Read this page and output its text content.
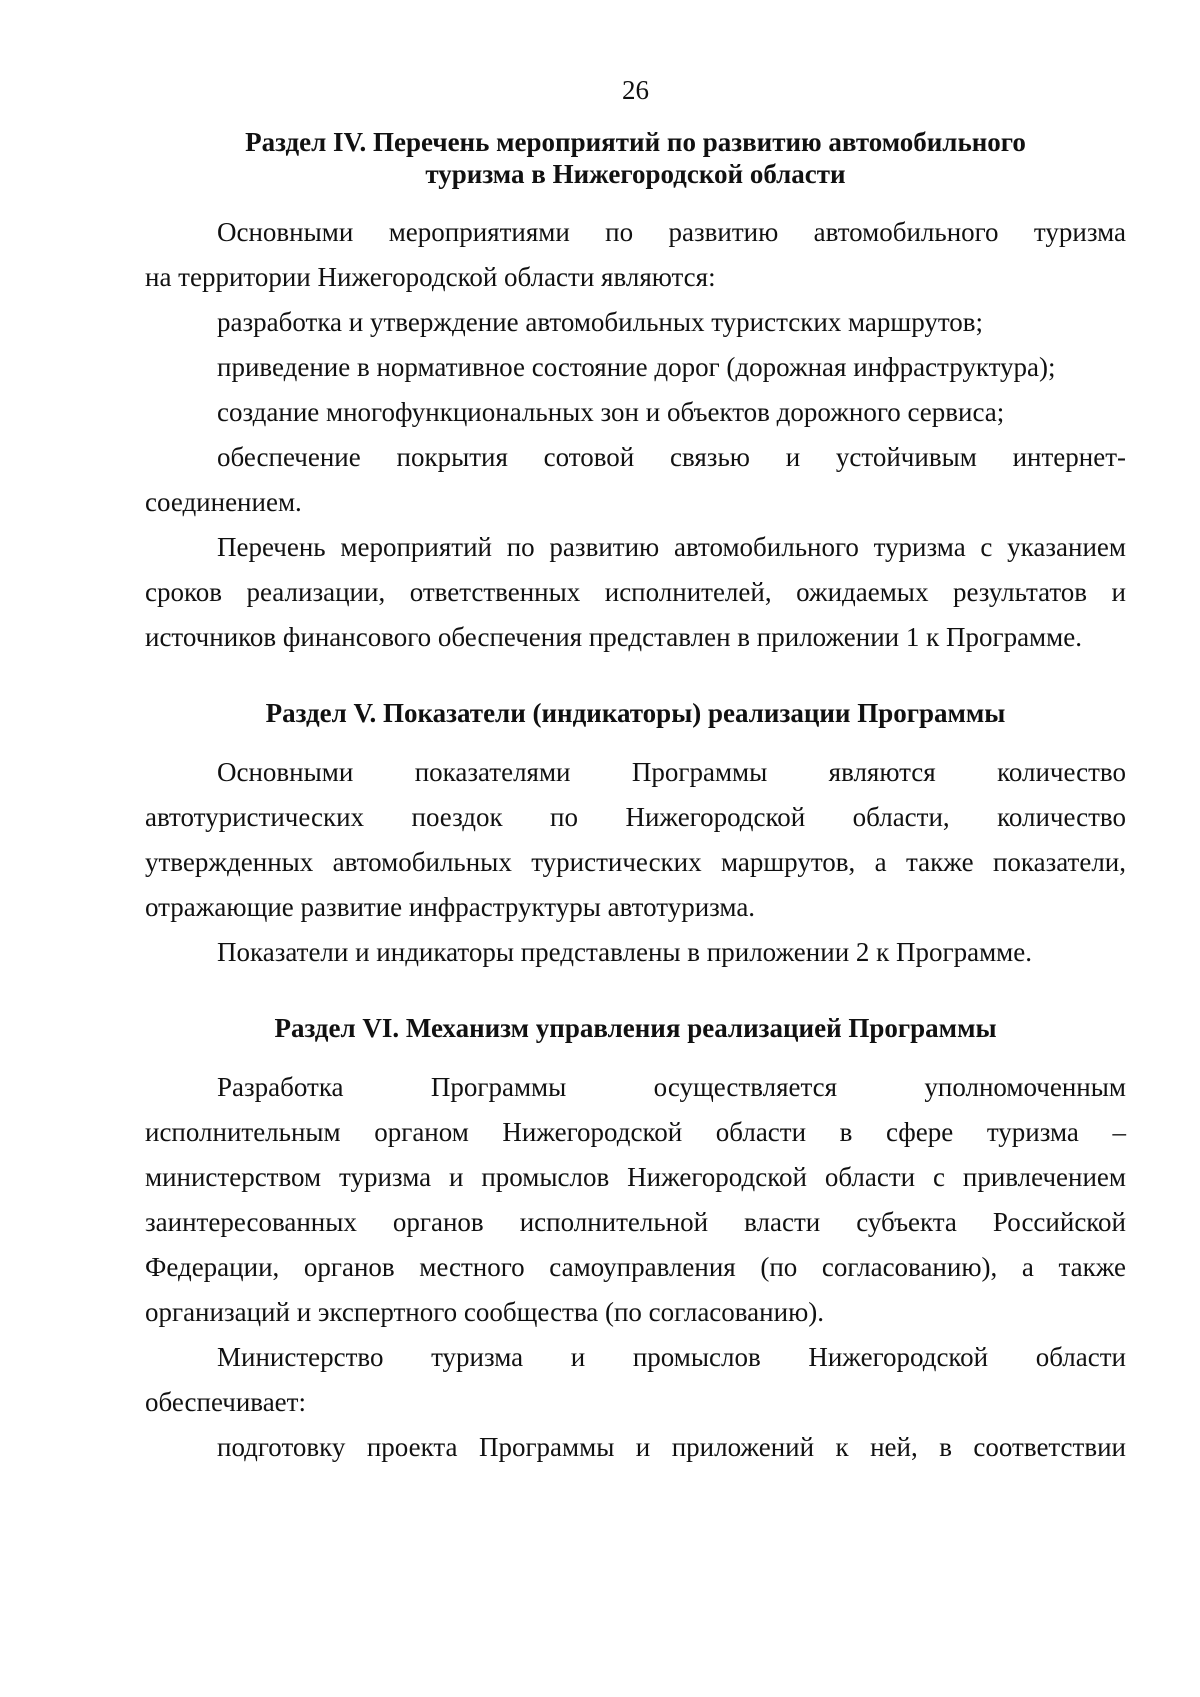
26
Раздел IV. Перечень мероприятий по развитию автомобильного
туризма в Нижегородской области
Основными мероприятиями по развитию автомобильного туризма
на территории Нижегородской области являются:
разработка и утверждение автомобильных туристских маршрутов;
приведение в нормативное состояние дорог (дорожная инфраструктура);
создание многофункциональных зон и объектов дорожного сервиса;
обеспечение покрытия сотовой связью и устойчивым интернет-
соединением.
Перечень мероприятий по развитию автомобильного туризма с указанием
сроков реализации, ответственных исполнителей, ожидаемых результатов и
источников финансового обеспечения представлен в приложении 1 к Программе.
Раздел V. Показатели (индикаторы) реализации Программы
Основными показателями Программы являются количество
автотуристических поездок по Нижегородской области, количество
утвержденных автомобильных туристических маршрутов, а также показатели,
отражающие развитие инфраструктуры автотуризма.
Показатели и индикаторы представлены в приложении 2 к Программе.
Раздел VI. Механизм управления реализацией Программы
Разработка Программы осуществляется уполномоченным
исполнительным органом Нижегородской области в сфере туризма –
министерством туризма и промыслов Нижегородской области с привлечением
заинтересованных органов исполнительной власти субъекта Российской
Федерации, органов местного самоуправления (по согласованию), а также
организаций и экспертного сообщества (по согласованию).
Министерство туризма и промыслов Нижегородской области
обеспечивает:
подготовку проекта Программы и приложений к ней, в соответствии
